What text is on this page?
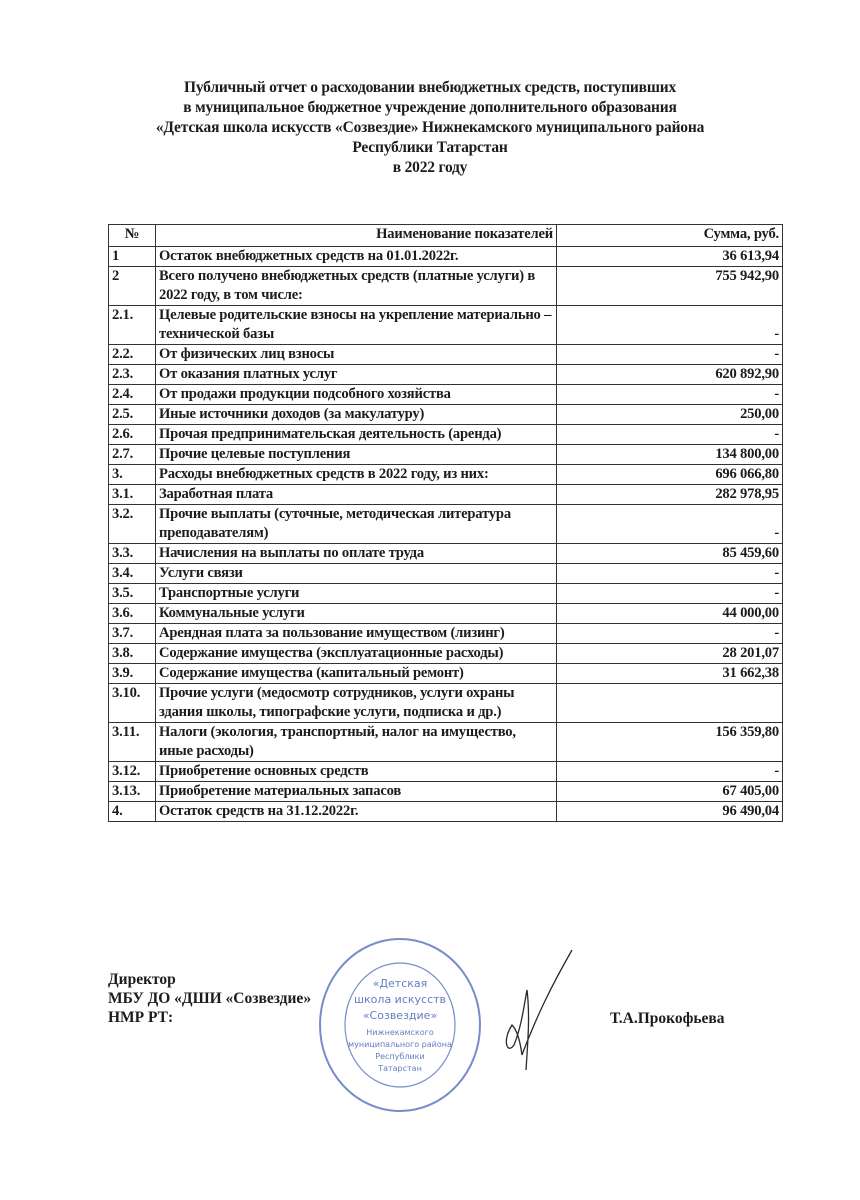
Публичный отчет о расходовании внебюджетных средств, поступивших
в муниципальное бюджетное учреждение дополнительного образования
«Детская школа искусств «Созвездие» Нижнекамского муниципального района
Республики Татарстан
в 2022 году
№	Наименование показателей	Сумма, руб.
1	Остаток внебюджетных средств на 01.01.2022г.	36 613,94
2	Всего получено внебюджетных средств (платные услуги) в 2022 году, в том числе:	755 942,90
2.1.	Целевые родительские взносы на укрепление материально –технической базы	-
2.2.	От физических лиц взносы	-
2.3.	От оказания платных услуг	620 892,90
2.4.	От продажи продукции подсобного хозяйства	-
2.5.	Иные источники доходов (за макулатуру)	250,00
2.6.	Прочая предпринимательская деятельность (аренда)	-
2.7.	Прочие целевые поступления	134 800,00
3.	Расходы внебюджетных средств в 2022 году, из них:	696 066,80
3.1.	Заработная плата	282 978,95
3.2.	Прочие выплаты (суточные, методическая литература преподавателям)	-
3.3.	Начисления на выплаты по оплате труда	85 459,60
3.4.	Услуги связи	-
3.5.	Транспортные услуги	-
3.6.	Коммунальные услуги	44 000,00
3.7.	Арендная плата за пользование имуществом (лизинг)	-
3.8.	Содержание имущества (эксплуатационные расходы)	28 201,07
3.9.	Содержание имущества (капитальный ремонт)	31 662,38
3.10.	Прочие услуги (медосмотр сотрудников, услуги охраны здания школы, типографские услуги, подписка и др.)	
3.11.	Налоги (экология, транспортный, налог на имущество, иные расходы)	156 359,80
3.12.	Приобретение основных средств	-
3.13.	Приобретение материальных запасов	67 405,00
4.	Остаток средств на 31.12.2022г.	96 490,04
Директор
МБУ ДО «ДШИ «Созвездие»
НМР РТ:
«Детская
школа искусств
«Созвездие»
Нижнекамского
муниципального района
Республики
Татарстан
Т.А.Прокофьева
